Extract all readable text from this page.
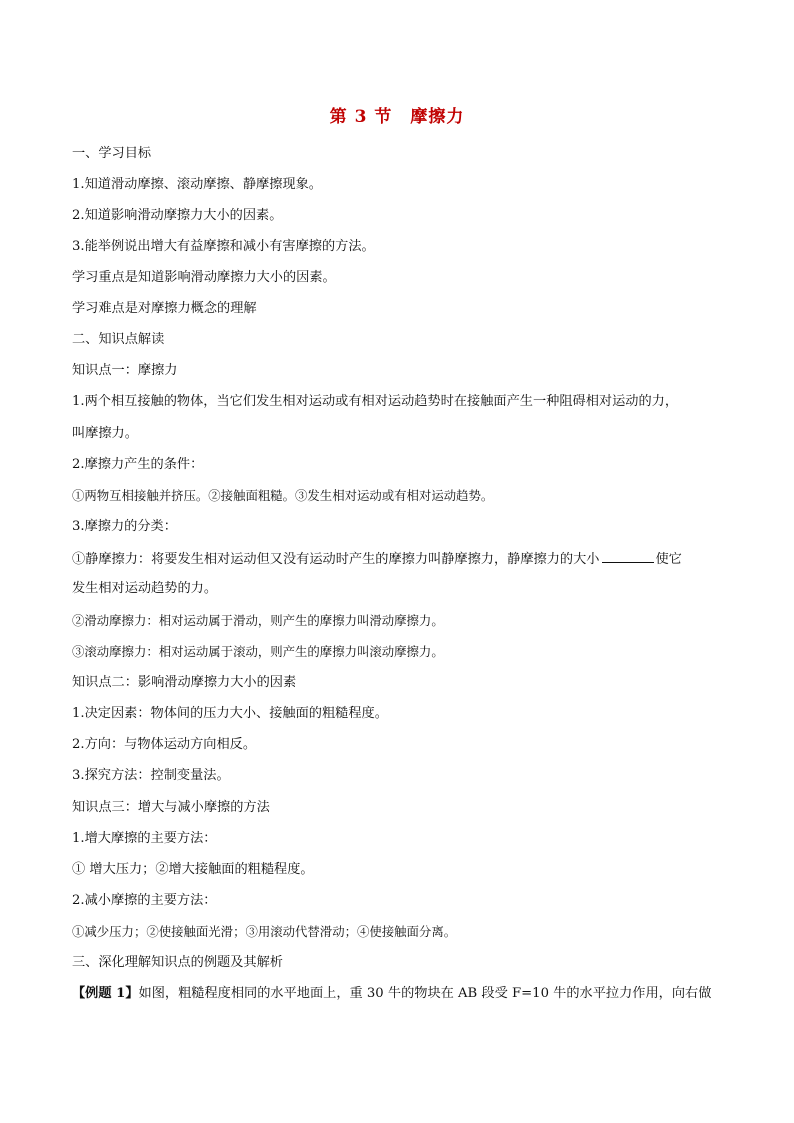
第 3 节　摩擦力
一、学习目标
1.知道滑动摩擦、滚动摩擦、静摩擦现象。
2.知道影响滑动摩擦力大小的因素。
3.能举例说出增大有益摩擦和减小有害摩擦的方法。
学习重点是知道影响滑动摩擦力大小的因素。
学习难点是对摩擦力概念的理解
二、知识点解读
知识点一：摩擦力
1.两个相互接触的物体，当它们发生相对运动或有相对运动趋势时在接触面产生一种阻碍相对运动的力，
叫摩擦力。
2.摩擦力产生的条件：
①两物互相接触并挤压。②接触面粗糙。③发生相对运动或有相对运动趋势。
3.摩擦力的分类：
①静摩擦力：将要发生相对运动但又没有运动时产生的摩擦力叫静摩擦力，静摩擦力的大小	使它
发生相对运动趋势的力。
②滑动摩擦力：相对运动属于滑动，则产生的摩擦力叫滑动摩擦力。
③滚动摩擦力：相对运动属于滚动，则产生的摩擦力叫滚动摩擦力。
知识点二：影响滑动摩擦力大小的因素
1.决定因素：物体间的压力大小、接触面的粗糙程度。
2.方向：与物体运动方向相反。
3.探究方法：控制变量法。
知识点三：增大与减小摩擦的方法
1.增大摩擦的主要方法：
① 增大压力；②增大接触面的粗糙程度。
2.减小摩擦的主要方法：
①减少压力；②使接触面光滑；③用滚动代替滑动；④使接触面分离。
三、深化理解知识点的例题及其解析
【例题 1】如图，粗糙程度相同的水平地面上，重 30 牛的物块在 AB 段受 F=10 牛的水平拉力作用，向右做
